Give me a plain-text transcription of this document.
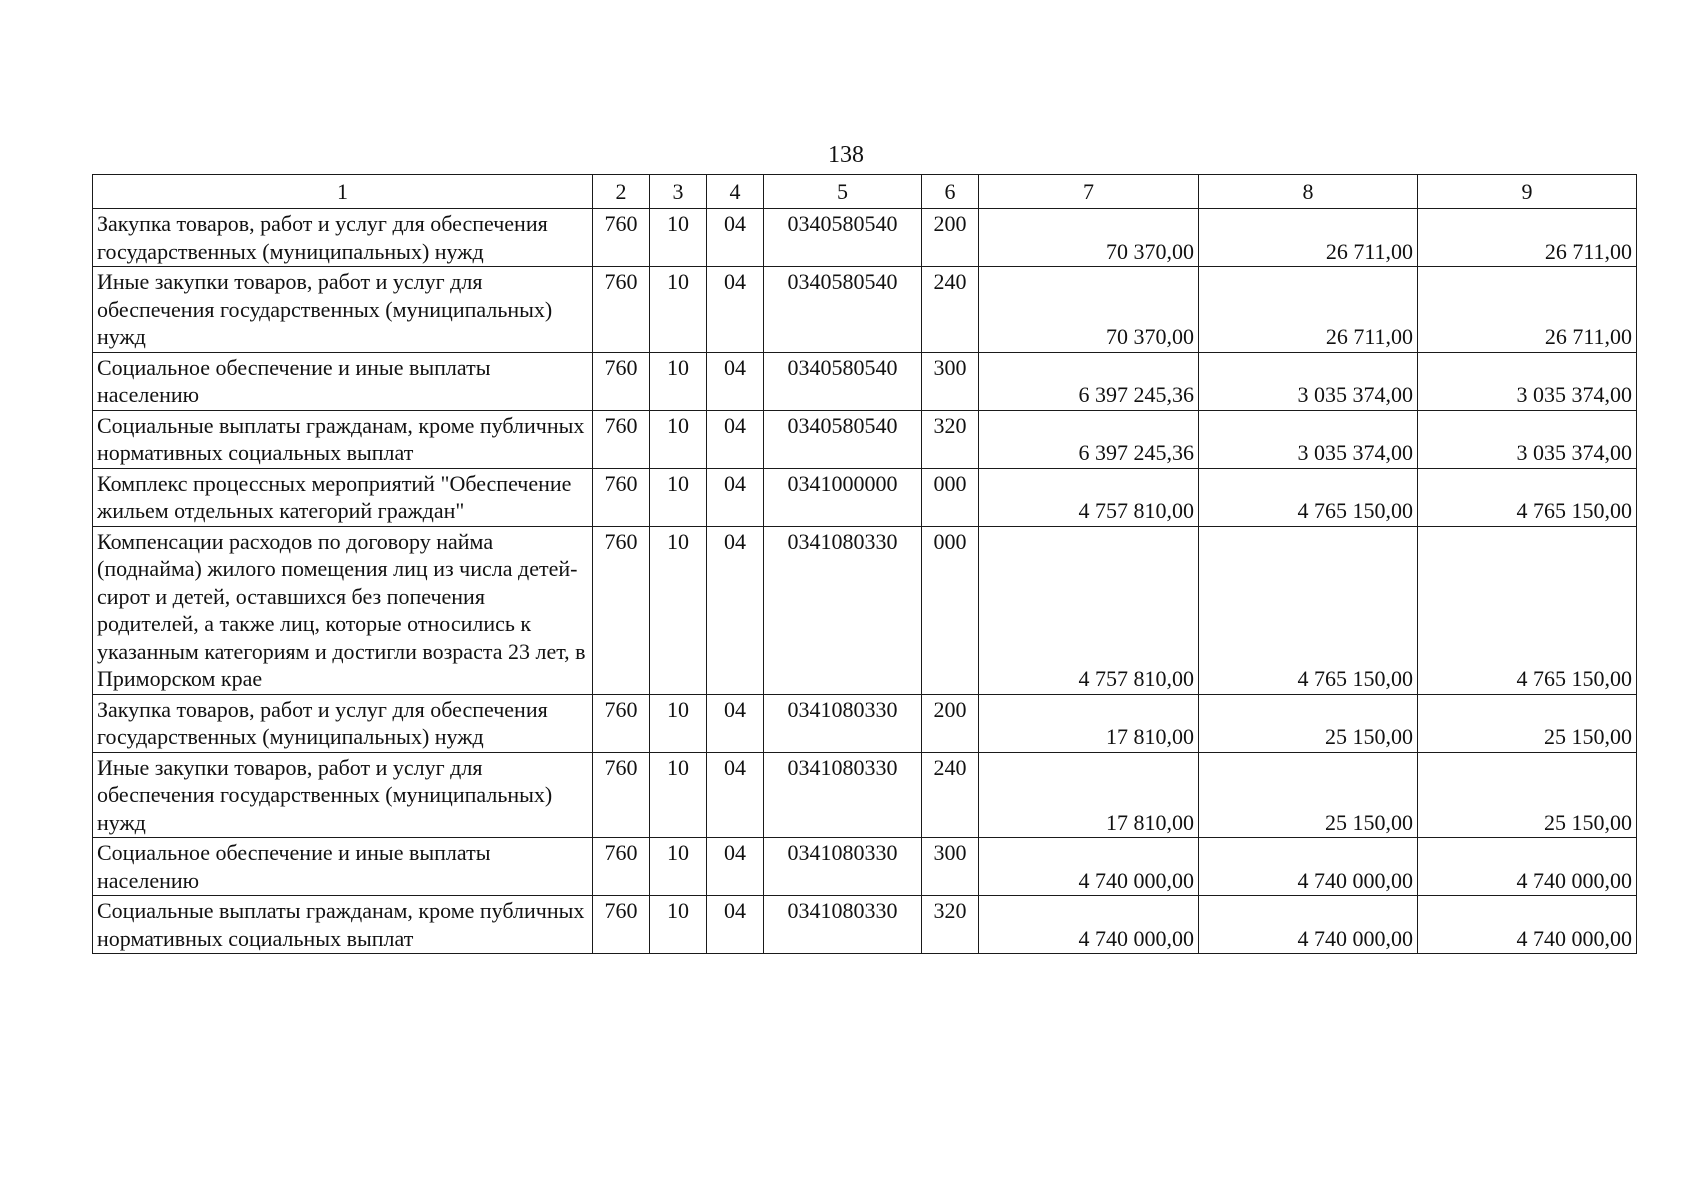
138
1	2	3	4	5	6	7	8	9
Закупка товаров, работ и услуг для обеспечения государственных (муниципальных) нужд	760	10	04	0340580540	200	70 370,00	26 711,00	26 711,00
Иные закупки товаров, работ и услуг для обеспечения государственных (муниципальных) нужд	760	10	04	0340580540	240	70 370,00	26 711,00	26 711,00
Социальное обеспечение и иные выплаты населению	760	10	04	0340580540	300	6 397 245,36	3 035 374,00	3 035 374,00
Социальные выплаты гражданам, кроме публичных нормативных социальных выплат	760	10	04	0340580540	320	6 397 245,36	3 035 374,00	3 035 374,00
Комплекс процессных мероприятий "Обеспечение жильем отдельных категорий граждан"	760	10	04	0341000000	000	4 757 810,00	4 765 150,00	4 765 150,00
Компенсации расходов по договору найма (поднайма) жилого помещения лиц из числа детей-сирот и детей, оставшихся без попечения родителей, а также лиц, которые относились к указанным категориям и достигли возраста 23 лет, в Приморском крае	760	10	04	0341080330	000	4 757 810,00	4 765 150,00	4 765 150,00
Закупка товаров, работ и услуг для обеспечения государственных (муниципальных) нужд	760	10	04	0341080330	200	17 810,00	25 150,00	25 150,00
Иные закупки товаров, работ и услуг для обеспечения государственных (муниципальных) нужд	760	10	04	0341080330	240	17 810,00	25 150,00	25 150,00
Социальное обеспечение и иные выплаты населению	760	10	04	0341080330	300	4 740 000,00	4 740 000,00	4 740 000,00
Социальные выплаты гражданам, кроме публичных нормативных социальных выплат	760	10	04	0341080330	320	4 740 000,00	4 740 000,00	4 740 000,00
